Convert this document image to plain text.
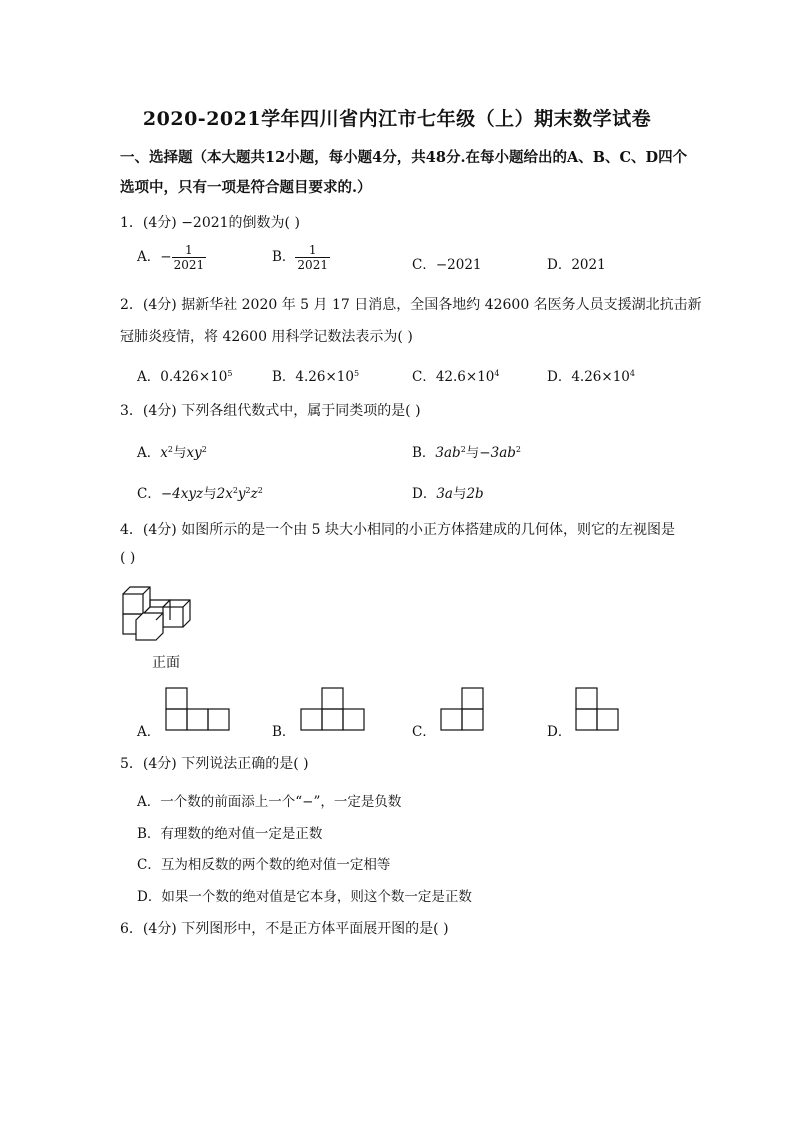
2020-2021学年四川省内江市七年级（上）期末数学试卷
一、选择题（本大题共12小题，每小题4分，共48分.在每小题给出的A、B、C、D四个
选项中，只有一项是符合题目要求的.）
1．(4分) −2021的倒数为( )
A．− $\frac{1}{2021}$	B． $\frac{1}{2021}$	C．−2021	D．2021
2．(4分) 据新华社 2020 年 5 月 17 日消息，全国各地约 42600 名医务人员支援湖北抗击新
冠肺炎疫情，将 42600 用科学记数法表示为( )
A．$0.426\times 10^5$	B．$4.26\times 10^5$	C．$42.6\times 10^4$	D．$4.26\times 10^4$
3．(4分) 下列各组代数式中，属于同类项的是( )
A．$x^2$与$xy^2$	B．$3ab^2$与$-3ab^2$
C．−4xyz与$2x^2y^2z^2$	D．3a与2b
4．(4分) 如图所示的是一个由 5 块大小相同的小正方体搭建成的几何体，则它的左视图是
( )
正面
A．	B．	C．	D．
5．(4分) 下列说法正确的是( )
A．一个数的前面添上一个“−”，一定是负数
B．有理数的绝对值一定是正数
C．互为相反数的两个数的绝对值一定相等
D．如果一个数的绝对值是它本身，则这个数一定是正数
6．(4分) 下列图形中，不是正方体平面展开图的是( )
